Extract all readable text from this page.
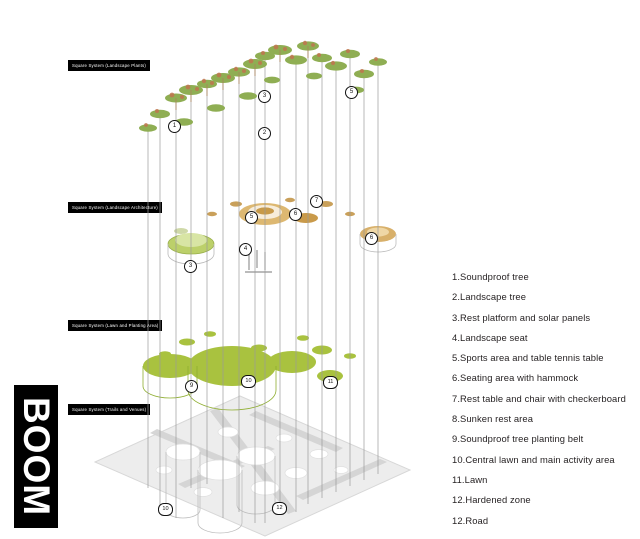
BOOM
Square System (Landscape Plants)
Square System (Landscape Architecture)
Square System (Lawn and Planting Area)
Square System (Trails and Venues)
1.Soundproof tree
2.Landscape tree
3.Rest platform and solar panels
4.Landscape seat
5.Sports area and table tennis table
6.Seating area with hammock
7.Rest table and chair with checkerboard
8.Sunken rest area
9.Soundproof tree planting belt
10.Central lawn and main activity area
11.Lawn
12.Hardened zone
12.Road
1
3
5
2
3
5	6
7
6
4
9
10	11
10	12
